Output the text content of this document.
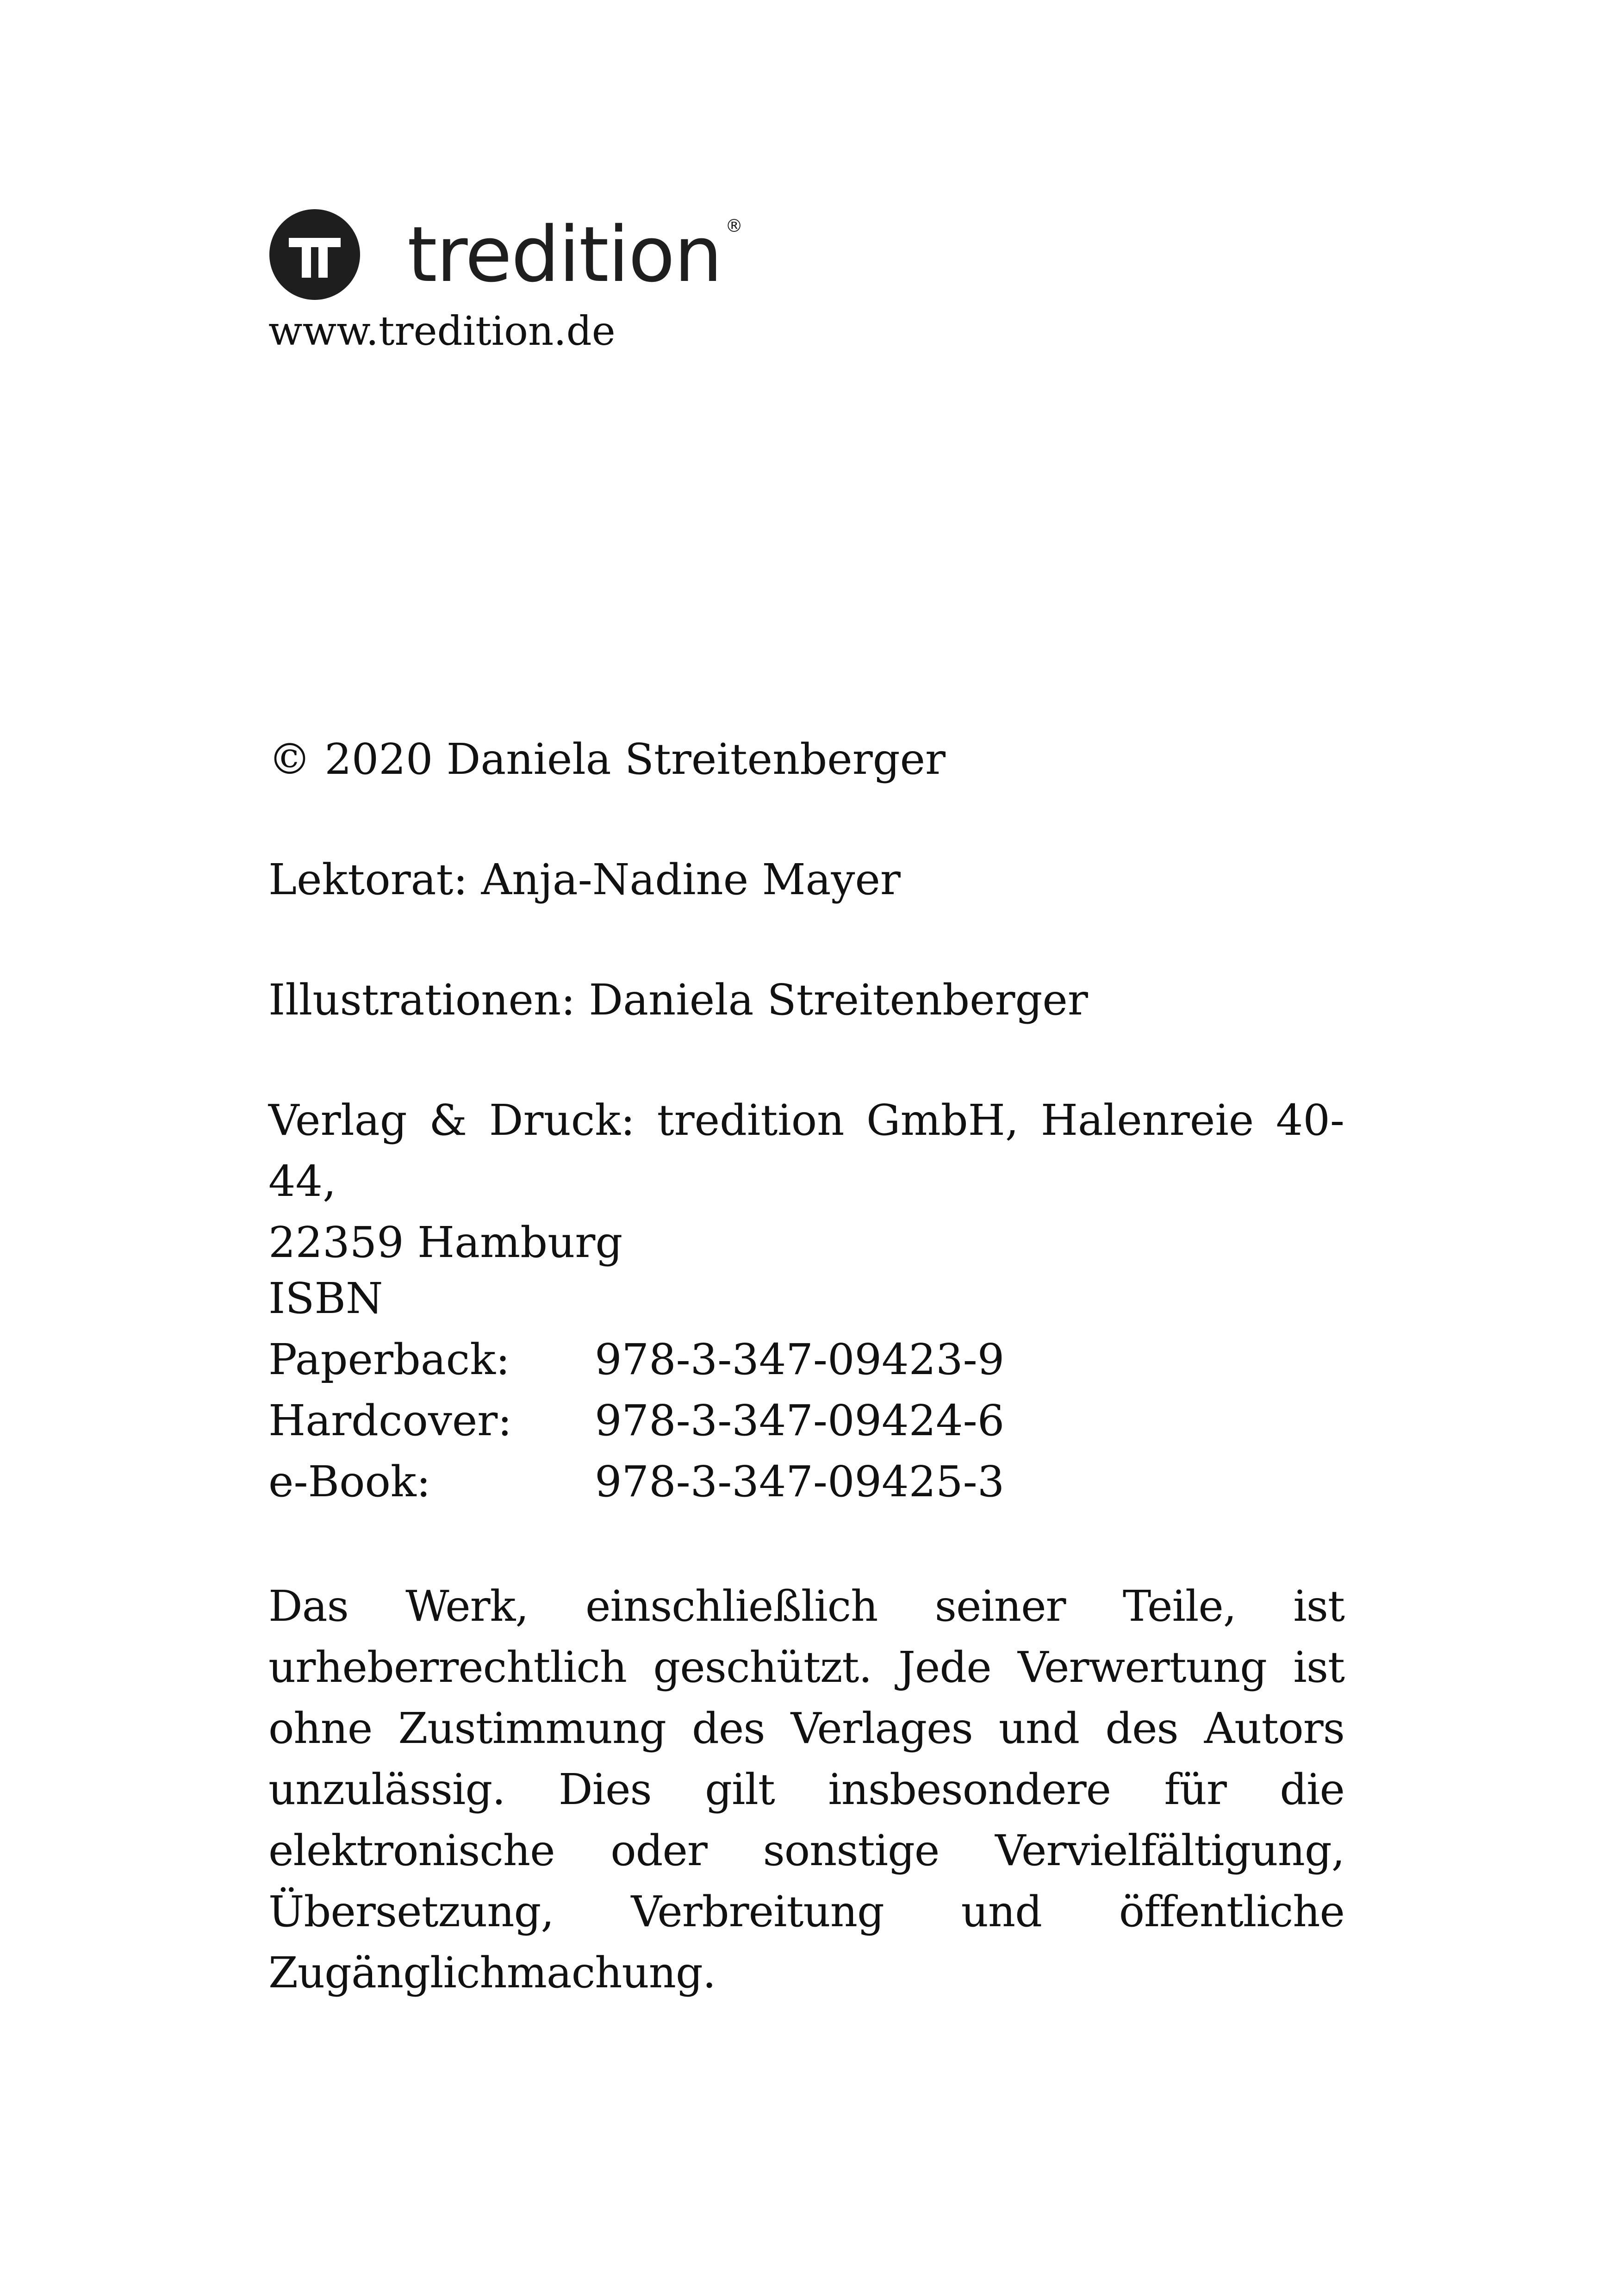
tredition ®

www.tredition.de

© 2020 Daniela Streitenberger

Lektorat: Anja-Nadine Mayer

Illustrationen: Daniela Streitenberger

Verlag & Druck: tredition GmbH, Halenreie 40-44,
22359 Hamburg
ISBN
Paperback:	978-3-347-09423-9
Hardcover:	978-3-347-09424-6
e-Book:	978-3-347-09425-3

Das Werk, einschließlich seiner Teile, ist urheberrechtlich geschützt. Jede Verwertung ist ohne Zustimmung des Verlages und des Autors unzulässig. Dies gilt insbesondere für die elektronische oder sonstige Vervielfältigung, Übersetzung, Verbreitung und öffentliche Zugänglichmachung.
